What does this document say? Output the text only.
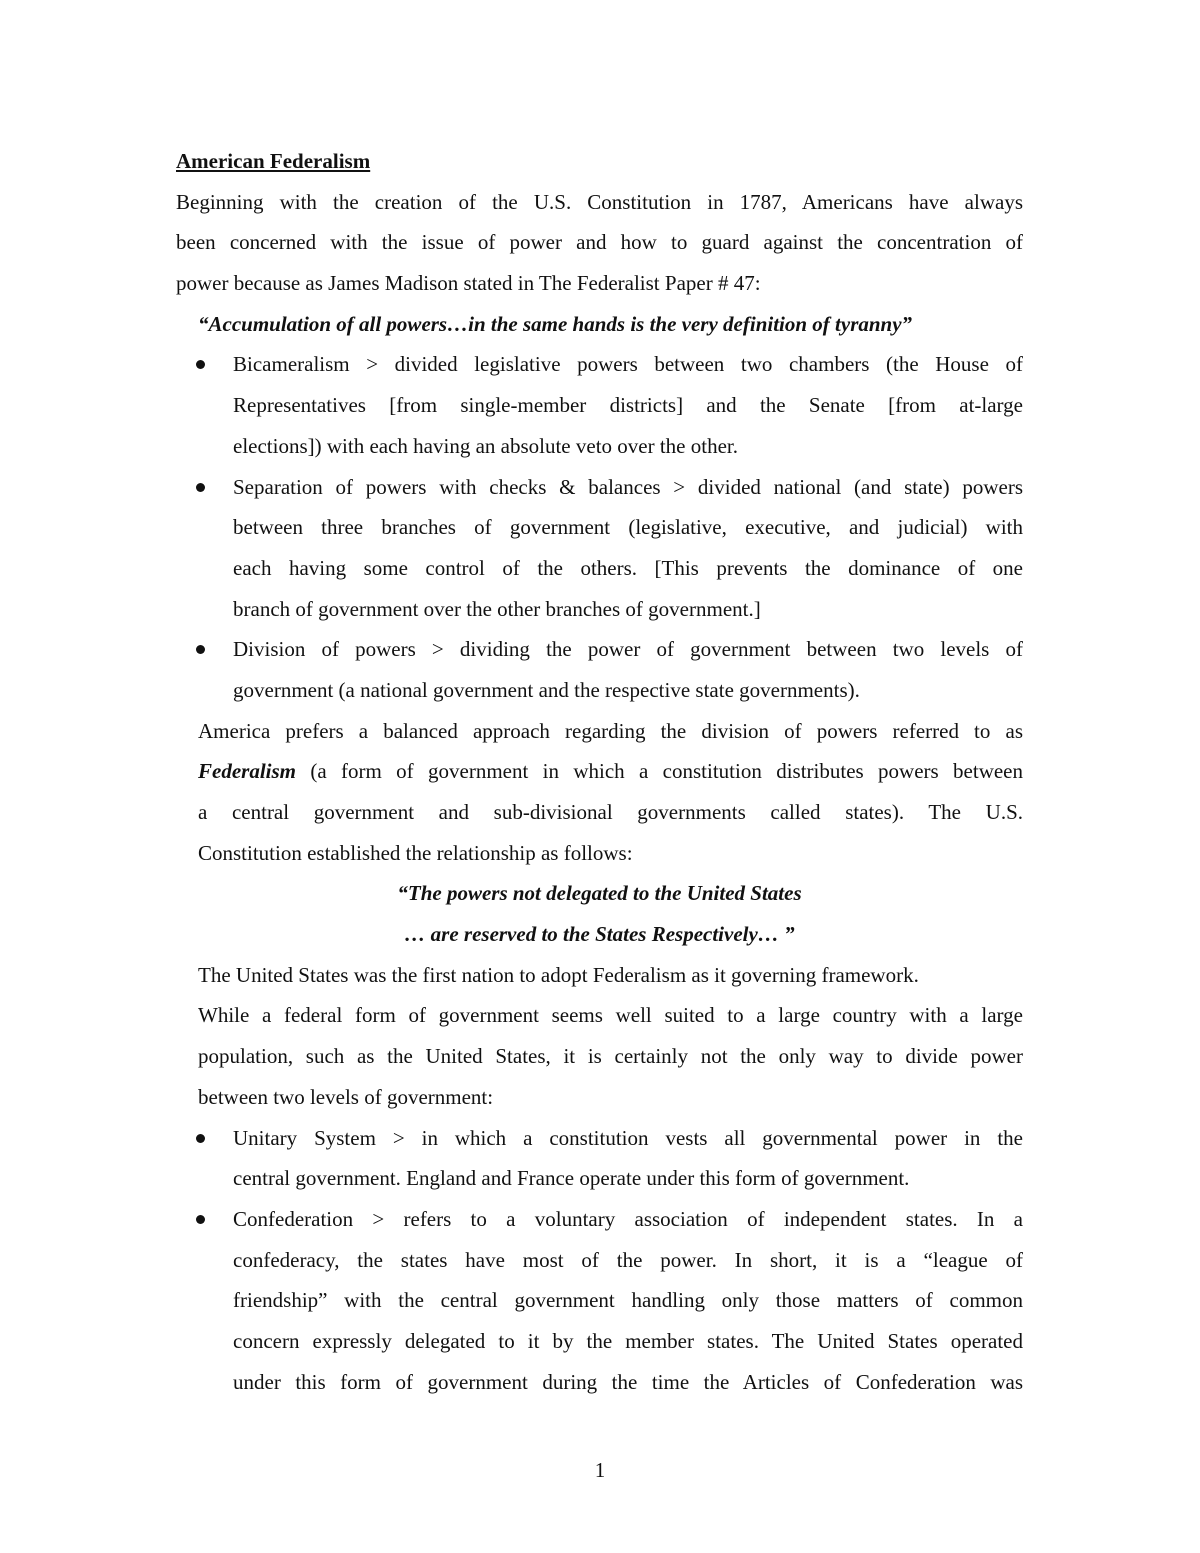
American Federalism
Beginning with the creation of the U.S. Constitution in 1787, Americans have always
been concerned with the issue of power and how to guard against the concentration of
power because as James Madison stated in The Federalist Paper # 47:
“Accumulation of all powers…in the same hands is the very definition of tyranny”
Bicameralism > divided legislative powers between two chambers (the House of
Representatives [from single-member districts] and the Senate [from at-large
elections]) with each having an absolute veto over the other.
Separation of powers with checks & balances > divided national (and state) powers
between three branches of government (legislative, executive, and judicial) with
each having some control of the others. [This prevents the dominance of one
branch of government over the other branches of government.]
Division of powers > dividing the power of government between two levels of
government (a national government and the respective state governments).
America prefers a balanced approach regarding the division of powers referred to as
Federalism (a form of government in which a constitution distributes powers between
a central government and sub-divisional governments called states). The U.S.
Constitution established the relationship as follows:
“The powers not delegated to the United States
… are reserved to the States Respectively… ”
The United States was the first nation to adopt Federalism as it governing framework.
While a federal form of government seems well suited to a large country with a large
population, such as the United States, it is certainly not the only way to divide power
between two levels of government:
Unitary System > in which a constitution vests all governmental power in the
central government. England and France operate under this form of government.
Confederation > refers to a voluntary association of independent states. In a
confederacy, the states have most of the power. In short, it is a “league of
friendship” with the central government handling only those matters of common
concern expressly delegated to it by the member states. The United States operated
under this form of government during the time the Articles of Confederation was
1
